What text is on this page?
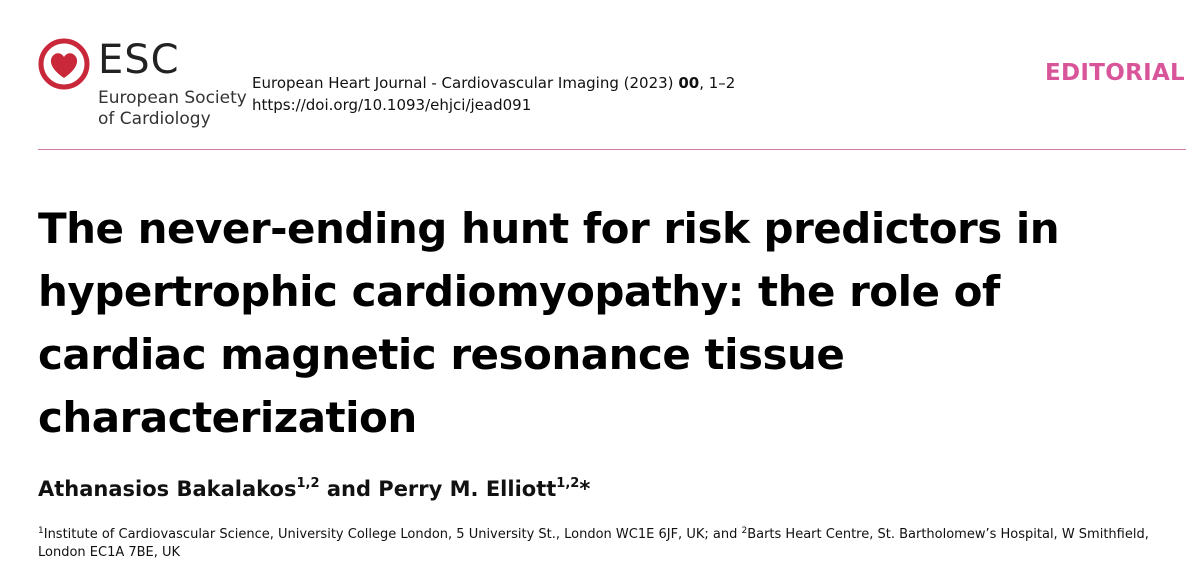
ESC
European Society
of Cardiology
European Heart Journal - Cardiovascular Imaging (2023) 00, 1–2
https://doi.org/10.1093/ehjci/jead091
EDITORIAL
The never-ending hunt for risk predictors in
hypertrophic cardiomyopathy: the role of
cardiac magnetic resonance tissue
characterization
Athanasios Bakalakos$^{1,2}$ and Perry M. Elliott$^{1,2}$*
$^1$Institute of Cardiovascular Science, University College London, 5 University St., London WC1E 6JF, UK; and $^2$Barts Heart Centre, St. Bartholomew’s Hospital, W Smithfield, London EC1A 7BE, UK
